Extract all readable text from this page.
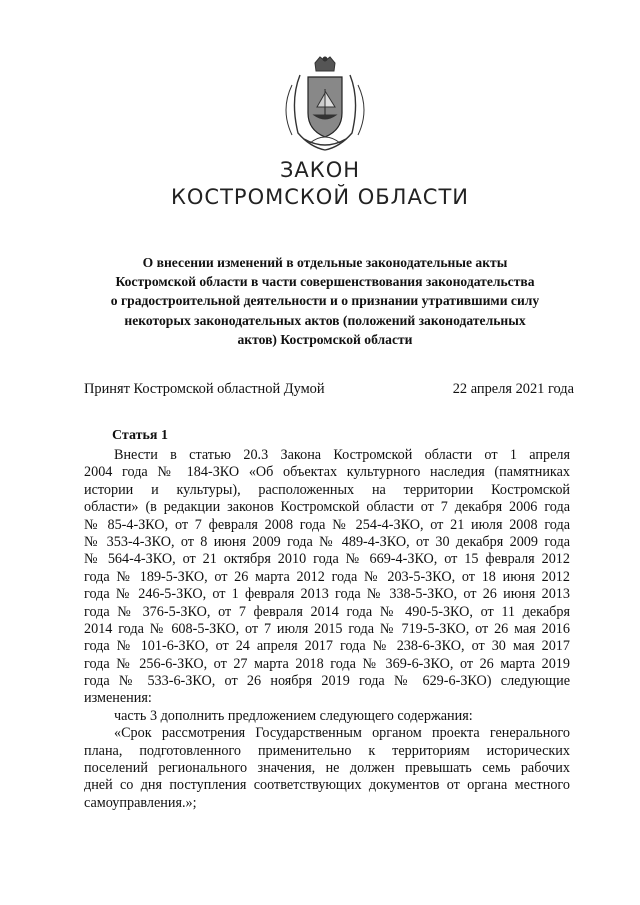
ЗАКОН
КОСТРОМСКОЙ ОБЛАСТИ
О внесении изменений в отдельные законодательные акты
Костромской области в части совершенствования законодательства
о градостроительной деятельности и о признании утратившими силу
некоторых законодательных актов (положений законодательных
актов) Костромской области
Принят Костромской областной Думой	22 апреля 2021 года
Статья 1
Внести в статью 20.3 Закона Костромской области от 1 апреля
2004 года № 184-ЗКО «Об объектах культурного наследия (памятниках
истории и культуры), расположенных на территории Костромской
области» (в редакции законов Костромской области от 7 декабря 2006 года
№ 85-4-ЗКО, от 7 февраля 2008 года № 254-4-ЗКО, от 21 июля 2008 года
№ 353-4-ЗКО, от 8 июня 2009 года № 489-4-ЗКО, от 30 декабря 2009 года
№ 564-4-ЗКО, от 21 октября 2010 года № 669-4-ЗКО, от 15 февраля 2012
года № 189-5-ЗКО, от 26 марта 2012 года № 203-5-ЗКО, от 18 июня 2012
года № 246-5-ЗКО, от 1 февраля 2013 года № 338-5-ЗКО, от 26 июня 2013
года № 376-5-ЗКО, от 7 февраля 2014 года № 490-5-ЗКО, от 11 декабря
2014 года № 608-5-ЗКО, от 7 июля 2015 года № 719-5-ЗКО, от 26 мая 2016
года № 101-6-ЗКО, от 24 апреля 2017 года № 238-6-ЗКО, от 30 мая 2017
года № 256-6-ЗКО, от 27 марта 2018 года № 369-6-ЗКО, от 26 марта 2019
года № 533-6-ЗКО, от 26 ноября 2019 года № 629-6-ЗКО) следующие
изменения:
часть 3 дополнить предложением следующего содержания:
«Срок рассмотрения Государственным органом проекта генерального
плана, подготовленного применительно к территориям исторических
поселений регионального значения, не должен превышать семь рабочих
дней со дня поступления соответствующих документов от органа местного
самоуправления.»;
